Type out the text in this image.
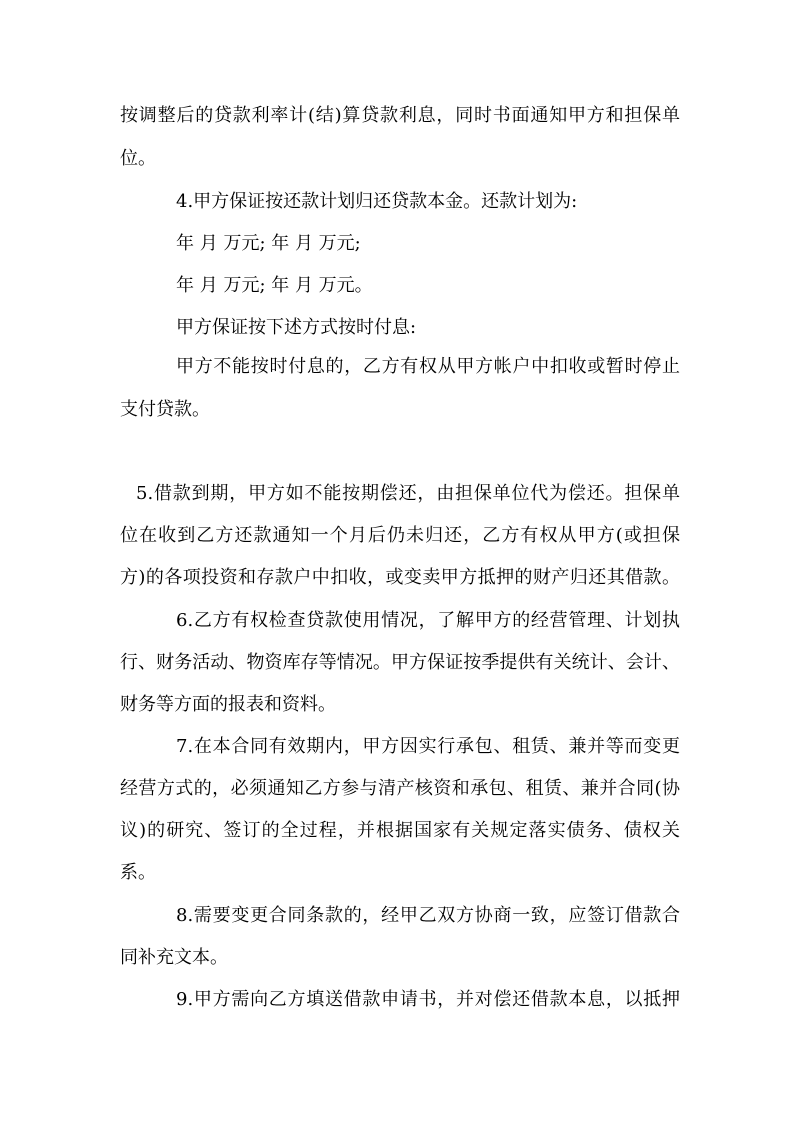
按调整后的贷款利率计(结)算贷款利息，同时书面通知甲方和担保单
位。
4.甲方保证按还款计划归还贷款本金。还款计划为:
年 月 万元; 年 月 万元;
年 月 万元; 年 月 万元。
甲方保证按下述方式按时付息:
甲方不能按时付息的，乙方有权从甲方帐户中扣收或暂时停止
支付贷款。
5.借款到期，甲方如不能按期偿还，由担保单位代为偿还。担保单
位在收到乙方还款通知一个月后仍未归还，乙方有权从甲方(或担保
方)的各项投资和存款户中扣收，或变卖甲方抵押的财产归还其借款。
6.乙方有权检查贷款使用情况，了解甲方的经营管理、计划执
行、财务活动、物资库存等情况。甲方保证按季提供有关统计、会计、
财务等方面的报表和资料。
7.在本合同有效期内，甲方因实行承包、租赁、兼并等而变更
经营方式的，必须通知乙方参与清产核资和承包、租赁、兼并合同(协
议)的研究、签订的全过程，并根据国家有关规定落实债务、债权关
系。
8.需要变更合同条款的，经甲乙双方协商一致，应签订借款合
同补充文本。
9.甲方需向乙方填送借款申请书，并对偿还借款本息，以抵押
